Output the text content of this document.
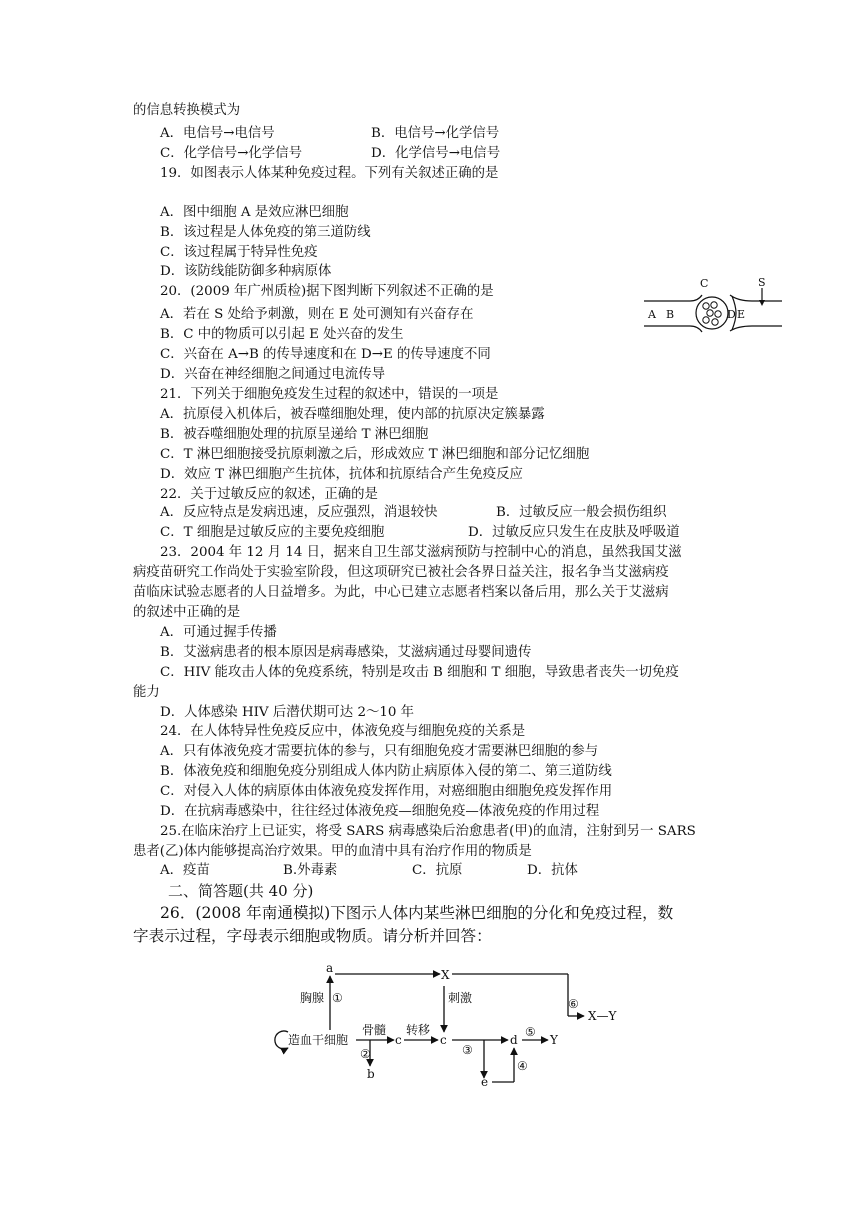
的信息转换模式为
A．电信号→电信号	B．电信号→化学信号
C．化学信号→化学信号	D．化学信号→电信号
19．如图表示人体某种免疫过程。下列有关叙述正确的是
A．图中细胞 A 是效应淋巴细胞
B．该过程是人体免疫的第三道防线
C．该过程属于特异性免疫
D．该防线能防御多种病原体
20．(2009 年广州质检)据下图判断下列叙述不正确的是
A．若在 S 处给予刺激，则在 E 处可测知有兴奋存在
B．C 中的物质可以引起 E 处兴奋的发生
C．兴奋在 A→B 的传导速度和在 D→E 的传导速度不同
D．兴奋在神经细胞之间通过电流传导
C	S
A B	D E
21．下列关于细胞免疫发生过程的叙述中，错误的一项是
A．抗原侵入机体后，被吞噬细胞处理，使内部的抗原决定簇暴露
B．被吞噬细胞处理的抗原呈递给 T 淋巴细胞
C．T 淋巴细胞接受抗原刺激之后，形成效应 T 淋巴细胞和部分记忆细胞
D．效应 T 淋巴细胞产生抗体，抗体和抗原结合产生免疫反应
22．关于过敏反应的叙述，正确的是
A．反应特点是发病迅速，反应强烈，消退较快	B．过敏反应一般会损伤组织
C．T 细胞是过敏反应的主要免疫细胞	D．过敏反应只发生在皮肤及呼吸道
23．2004 年 12 月 14 日，据来自卫生部艾滋病预防与控制中心的消息，虽然我国艾滋
病疫苗研究工作尚处于实验室阶段，但这项研究已被社会各界日益关注，报名争当艾滋病疫
苗临床试验志愿者的人日益增多。为此，中心已建立志愿者档案以备后用，那么关于艾滋病
的叙述中正确的是
A．可通过握手传播
B．艾滋病患者的根本原因是病毒感染，艾滋病通过母婴间遗传
C．HIV 能攻击人体的免疫系统，特别是攻击 B 细胞和 T 细胞，导致患者丧失一切免疫
能力
D．人体感染 HIV 后潜伏期可达 2～10 年
24．在人体特异性免疫反应中，体液免疫与细胞免疫的关系是
A．只有体液免疫才需要抗体的参与，只有细胞免疫才需要淋巴细胞的参与
B．体液免疫和细胞免疫分别组成人体内防止病原体入侵的第二、第三道防线
C．对侵入人体的病原体由体液免疫发挥作用，对癌细胞由细胞免疫发挥作用
D．在抗病毒感染中，往往经过体液免疫—细胞免疫—体液免疫的作用过程
25.在临床治疗上已证实，将受 SARS 病毒感染后治愈患者(甲)的血清，注射到另一 SARS
患者(乙)体内能够提高治疗效果。甲的血清中具有治疗作用的物质是
A．疫苗	B.外毒素	C．抗原	D．抗体
二、简答题(共 40 分)
26．(2008 年南通模拟)下图示人体内某些淋巴细胞的分化和免疫过程，数
字表示过程，字母表示细胞或物质。请分析并回答：
a	X
胸腺 ①	刺激	⑥
X—Y
造血干细胞
骨髓
②
c
转移
c
③
d
⑤
Y
b
e
④
